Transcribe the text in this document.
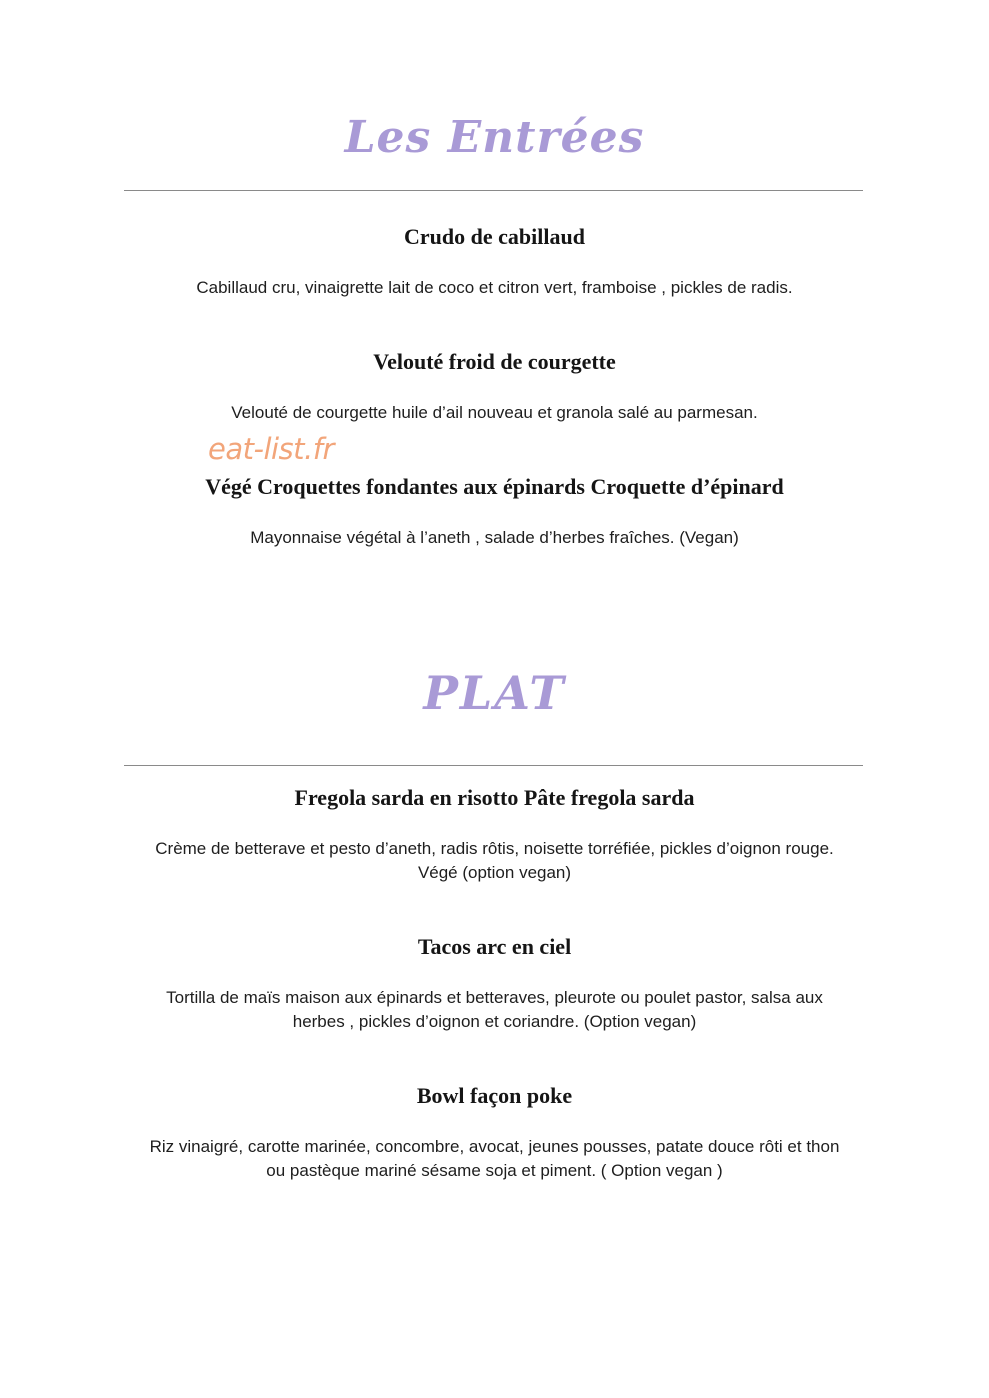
Les Entrées
Crudo de cabillaud
Cabillaud cru, vinaigrette lait de coco et citron vert, framboise , pickles de radis.
Velouté froid de courgette
Velouté de courgette huile d’ail nouveau et granola salé au parmesan.
eat-list.fr
Végé Croquettes fondantes aux épinards Croquette d’épinard
Mayonnaise végétal à l’aneth , salade d’herbes fraîches. (Vegan)
PLAT
Fregola sarda en risotto Pâte fregola sarda
Crème de betterave et pesto d’aneth, radis rôtis, noisette torréfiée, pickles d’oignon rouge.
Végé (option vegan)
Tacos arc en ciel
Tortilla de maïs maison aux épinards et betteraves, pleurote ou poulet pastor, salsa aux
herbes , pickles d’oignon et coriandre. (Option vegan)
Bowl façon poke
Riz vinaigré, carotte marinée, concombre, avocat, jeunes pousses, patate douce rôti et thon
ou pastèque mariné sésame soja et piment. ( Option vegan )
